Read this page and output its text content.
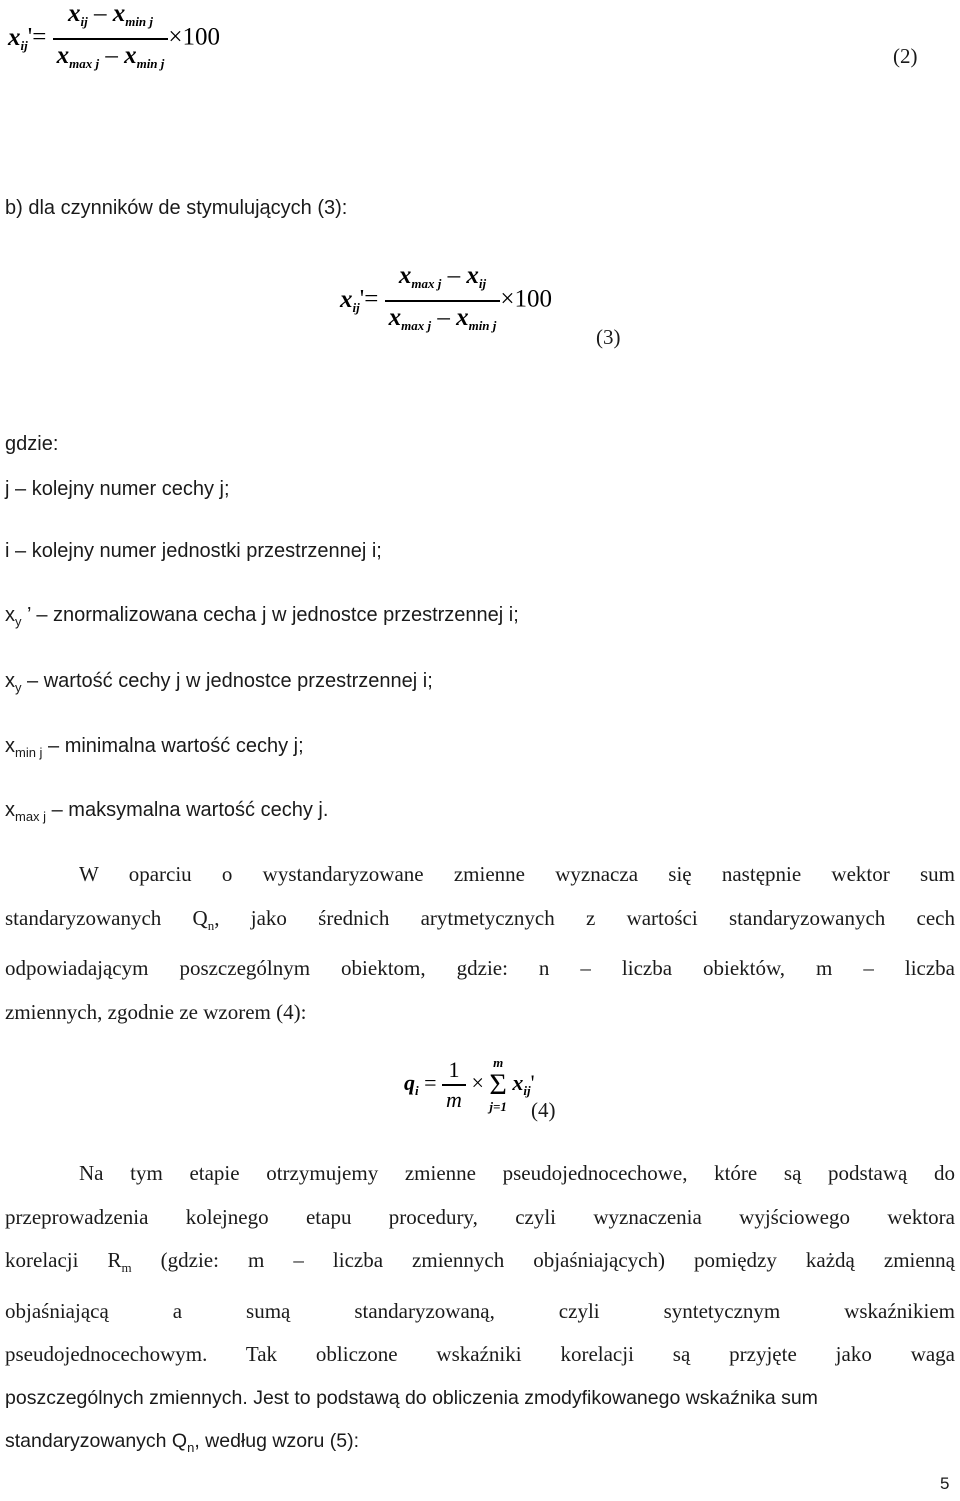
$x_{ij}'= \frac{x_{ij} - x_{min j}}{x_{max j} - x_{min j}} \times 100$
(2)
b) dla czynników de stymulujących (3):
$x_{ij}'= \frac{x_{max j} - x_{ij}}{x_{max j} - x_{min j}} \times 100$
(3)
gdzie:
j – kolejny numer cechy j;
i – kolejny numer jednostki przestrzennej i;
$x_y$ ’ – znormalizowana cecha j w jednostce przestrzennej i;
$x_y$ – wartość cechy j w jednostce przestrzennej i;
$x_{min j}$ – minimalna wartość cechy j;
$x_{max j}$ – maksymalna wartość cechy j.
W oparciu o wystandaryzowane zmienne wyznacza się następnie wektor sum
standaryzowanych $Q_n$, jako średnich arytmetycznych z wartości standaryzowanych cech
odpowiadającym poszczególnym obiektom, gdzie: n – liczba obiektów, m – liczba
zmiennych, zgodnie ze wzorem (4):
$q_i = \frac{1}{m}$ ×
m
Σ
j=1
$x_{ij}'$
(4)
Na tym etapie otrzymujemy zmienne pseudojednocechowe, które są podstawą do
przeprowadzenia kolejnego etapu procedury, czyli wyznaczenia wyjściowego wektora
korelacji $R_m$ (gdzie: m – liczba zmiennych objaśniających) pomiędzy każdą zmienną
objaśniającą a sumą standaryzowaną, czyli syntetycznym wskaźnikiem
pseudojednocechowym. Tak obliczone wskaźniki korelacji są przyjęte jako waga
poszczególnych zmiennych. Jest to podstawą do obliczenia zmodyfikowanego wskaźnika sum
standaryzowanych $Q_n$, według wzoru (5):
5
